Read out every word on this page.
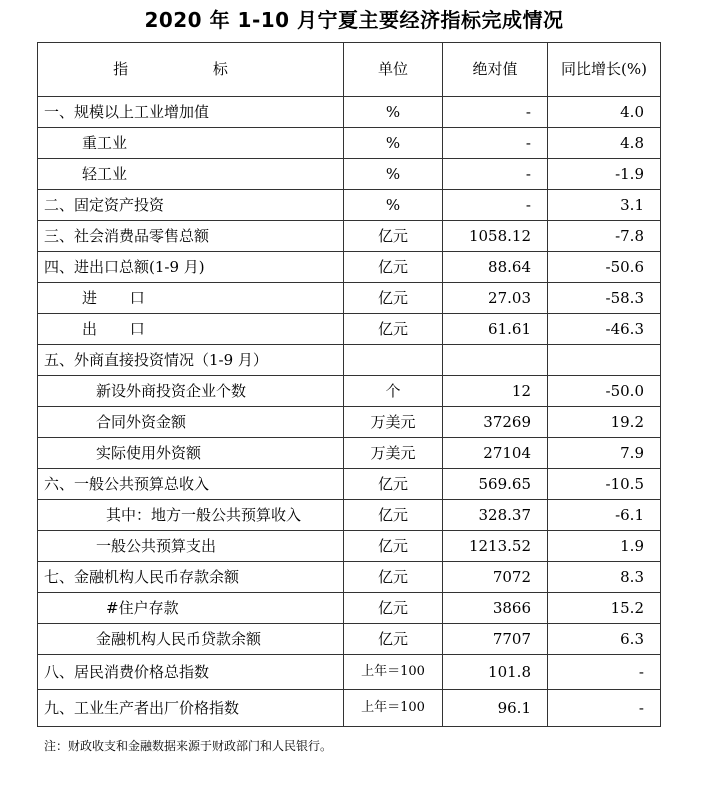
2020 年 1-10 月宁夏主要经济指标完成情况
指 标	单位	绝对值	同比增长(%)
一、规模以上工业增加值	%	-	4.0
重工业	%	-	4.8
轻工业	%	-	-1.9
二、固定资产投资	%	-	3.1
三、社会消费品零售总额	亿元	1058.12	-7.8
四、进出口总额(1-9 月)	亿元	88.64	-50.6
进 口	亿元	27.03	-58.3
出 口	亿元	61.61	-46.3
五、外商直接投资情况（1-9 月）			
新设外商投资企业个数	个	12	-50.0
合同外资金额	万美元	37269	19.2
实际使用外资额	万美元	27104	7.9
六、一般公共预算总收入	亿元	569.65	-10.5
其中：地方一般公共预算收入	亿元	328.37	-6.1
一般公共预算支出	亿元	1213.52	1.9
七、金融机构人民币存款余额	亿元	7072	8.3
#住户存款	亿元	3866	15.2
金融机构人民币贷款余额	亿元	7707	6.3
八、居民消费价格总指数	上年＝100	101.8	-
九、工业生产者出厂价格指数	上年＝100	96.1	-
注：财政收支和金融数据来源于财政部门和人民银行。
